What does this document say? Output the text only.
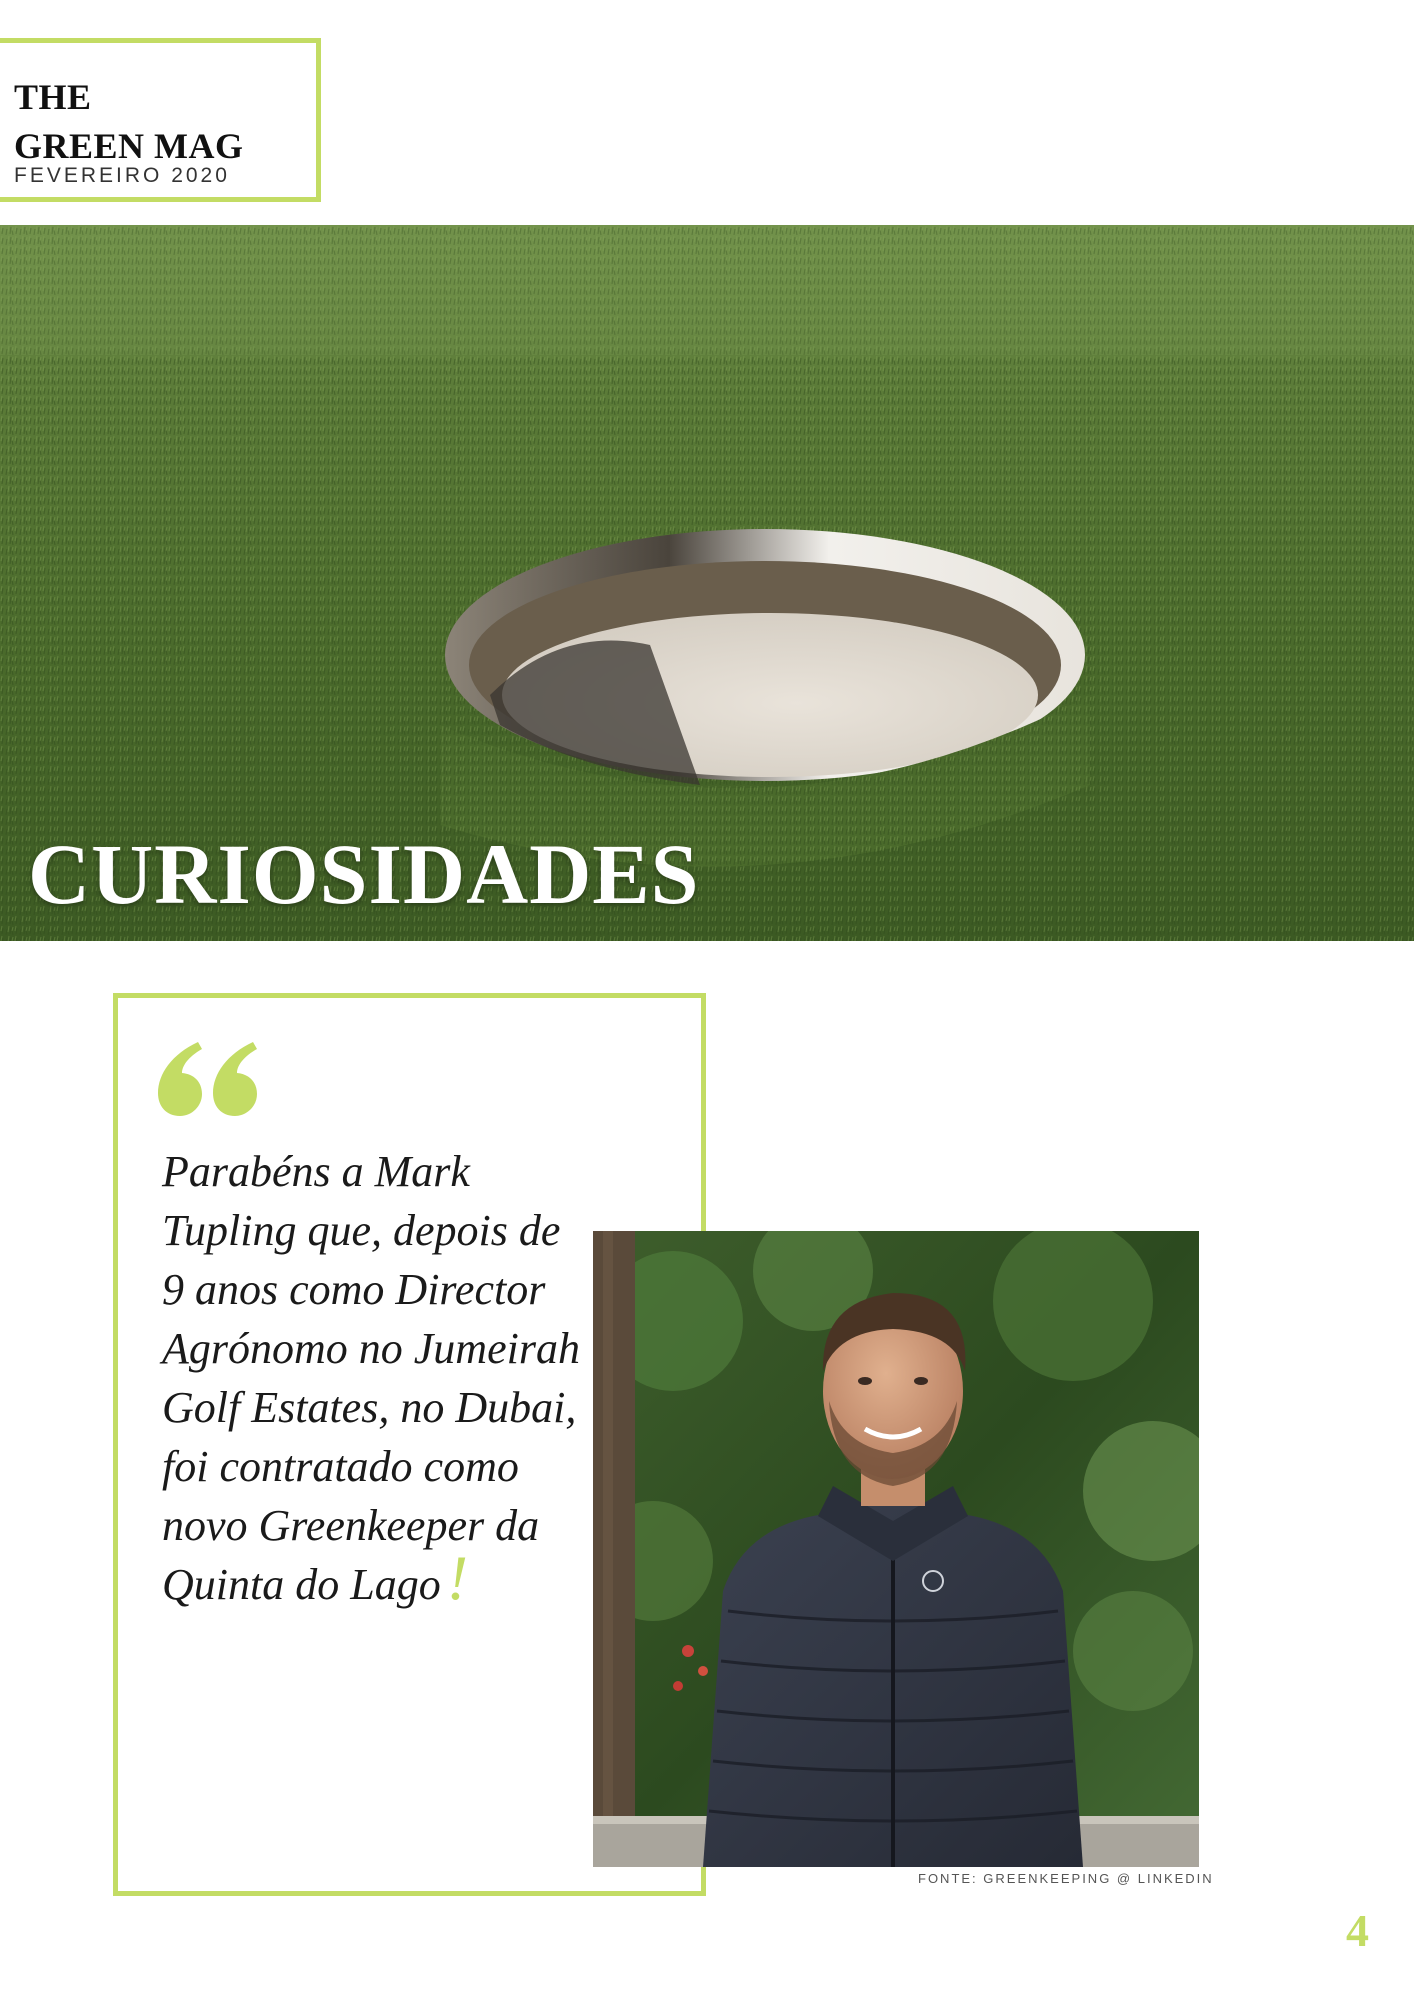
THE
GREEN MAG
FEVEREIRO 2020
CURIOSIDADES

Parabéns a Mark Tupling que, depois de 9 anos como Director Agrónomo no Jumeirah Golf Estates, no Dubai, foi contratado como novo Greenkeeper da Quinta do Lago!

FONTE: GREENKEEPING @ LINKEDIN
4
